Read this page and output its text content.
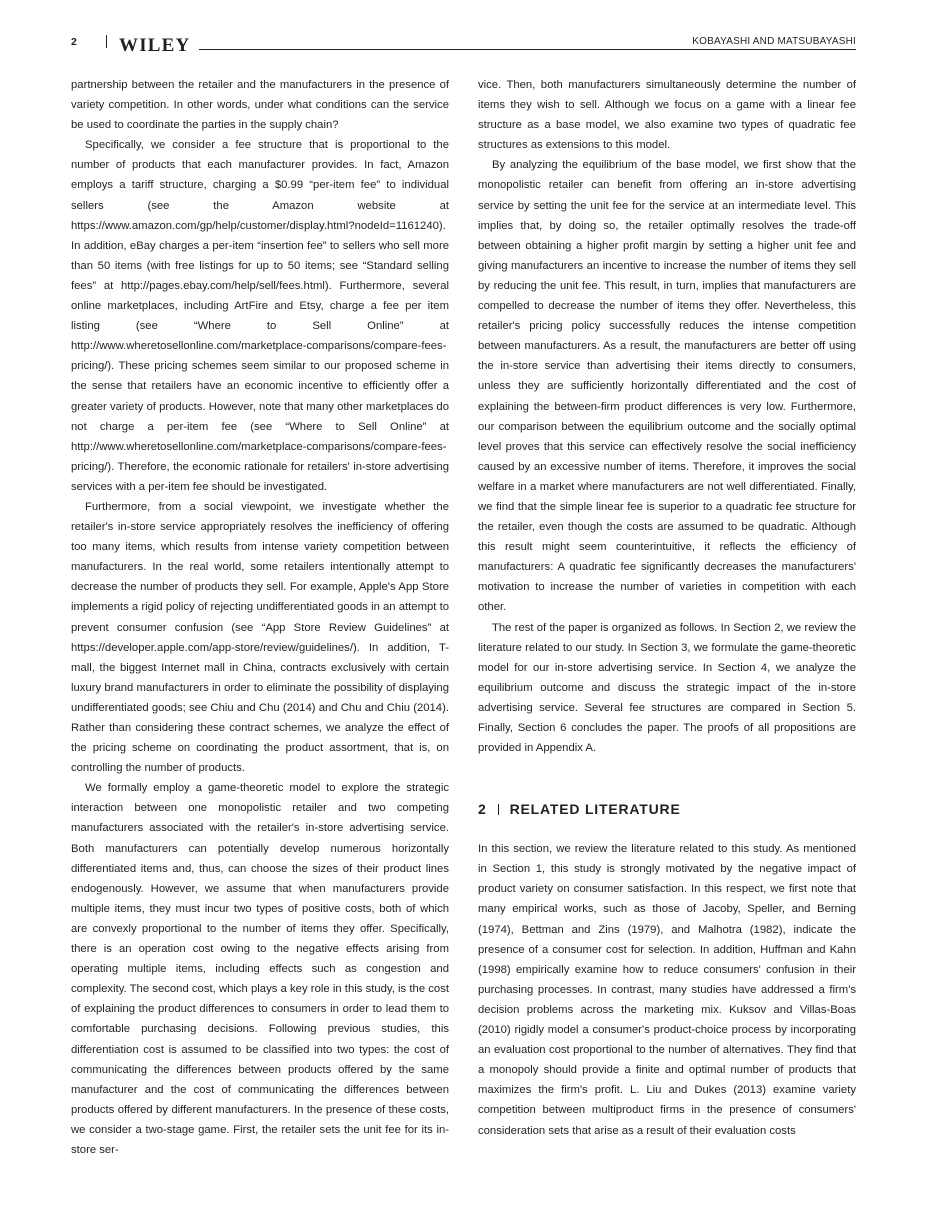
2 WILEY	KOBAYASHI AND MATSUBAYASHI

partnership between the retailer and the manufacturers in the presence of variety competition. In other words, under what conditions can the service be used to coordinate the parties in the supply chain?

Specifically, we consider a fee structure that is proportional to the number of products that each manufacturer provides. In fact, Amazon employs a tariff structure, charging a $0.99 “per-item fee” to individual sellers (see the Amazon website at https://www.amazon.com/gp/help/customer/display.html?nodeId=1161240). In addition, eBay charges a per-item “insertion fee” to sellers who sell more than 50 items (with free listings for up to 50 items; see “Standard selling fees” at http://pages.ebay.com/help/sell/fees.html). Furthermore, several online marketplaces, including ArtFire and Etsy, charge a fee per item listing (see “Where to Sell Online” at http://www.wheretosellonline.com/marketplace-comparisons/compare-fees-pricing/). These pricing schemes seem similar to our proposed scheme in the sense that retailers have an economic incentive to efficiently offer a greater variety of products. However, note that many other marketplaces do not charge a per-item fee (see “Where to Sell Online” at http://www.wheretosellonline.com/marketplace-comparisons/compare-fees-pricing/). Therefore, the economic rationale for retailers' in-store advertising services with a per-item fee should be investigated.

Furthermore, from a social viewpoint, we investigate whether the retailer's in-store service appropriately resolves the inefficiency of offering too many items, which results from intense variety competition between manufacturers. In the real world, some retailers intentionally attempt to decrease the number of products they sell. For example, Apple's App Store implements a rigid policy of rejecting undifferentiated goods in an attempt to prevent consumer confusion (see “App Store Review Guidelines” at https://developer.apple.com/app-store/review/guidelines/). In addition, T-mall, the biggest Internet mall in China, contracts exclusively with certain luxury brand manufacturers in order to eliminate the possibility of displaying undifferentiated goods; see Chiu and Chu (2014) and Chu and Chiu (2014). Rather than considering these contract schemes, we analyze the effect of the pricing scheme on coordinating the product assortment, that is, on controlling the number of products.

We formally employ a game-theoretic model to explore the strategic interaction between one monopolistic retailer and two competing manufacturers associated with the retailer's in-store advertising service. Both manufacturers can potentially develop numerous horizontally differentiated items and, thus, can choose the sizes of their product lines endogenously. However, we assume that when manufacturers provide multiple items, they must incur two types of positive costs, both of which are convexly proportional to the number of items they offer. Specifically, there is an operation cost owing to the negative effects arising from operating multiple items, including effects such as congestion and complexity. The second cost, which plays a key role in this study, is the cost of explaining the product differences to consumers in order to lead them to comfortable purchasing decisions. Following previous studies, this differentiation cost is assumed to be classified into two types: the cost of communicating the differences between products offered by the same manufacturer and the cost of communicating the differences between products offered by different manufacturers. In the presence of these costs, we consider a two-stage game. First, the retailer sets the unit fee for its in-store ser-

vice. Then, both manufacturers simultaneously determine the number of items they wish to sell. Although we focus on a game with a linear fee structure as a base model, we also examine two types of quadratic fee structures as extensions to this model.

By analyzing the equilibrium of the base model, we first show that the monopolistic retailer can benefit from offering an in-store advertising service by setting the unit fee for the service at an intermediate level. This implies that, by doing so, the retailer optimally resolves the trade-off between obtaining a higher profit margin by setting a higher unit fee and giving manufacturers an incentive to increase the number of items they sell by reducing the unit fee. This result, in turn, implies that manufacturers are compelled to decrease the number of items they offer. Nevertheless, this retailer's pricing policy successfully reduces the intense competition between manufacturers. As a result, the manufacturers are better off using the in-store service than advertising their items directly to consumers, unless they are sufficiently horizontally differentiated and the cost of explaining the between-firm product differences is very low. Furthermore, our comparison between the equilibrium outcome and the socially optimal level proves that this service can effectively resolve the social inefficiency caused by an excessive number of items. Therefore, it improves the social welfare in a market where manufacturers are not well differentiated. Finally, we find that the simple linear fee is superior to a quadratic fee structure for the retailer, even though the costs are assumed to be quadratic. Although this result might seem counterintuitive, it reflects the efficiency of manufacturers: A quadratic fee significantly decreases the manufacturers' motivation to increase the number of varieties in competition with each other.

The rest of the paper is organized as follows. In Section 2, we review the literature related to our study. In Section 3, we formulate the game-theoretic model for our in-store advertising service. In Section 4, we analyze the equilibrium outcome and discuss the strategic impact of the in-store advertising service. Several fee structures are compared in Section 5. Finally, Section 6 concludes the paper. The proofs of all propositions are provided in Appendix A.

2 RELATED LITERATURE

In this section, we review the literature related to this study. As mentioned in Section 1, this study is strongly motivated by the negative impact of product variety on consumer satisfaction. In this respect, we first note that many empirical works, such as those of Jacoby, Speller, and Berning (1974), Bettman and Zins (1979), and Malhotra (1982), indicate the presence of a consumer cost for selection. In addition, Huffman and Kahn (1998) empirically examine how to reduce consumers' confusion in their purchasing processes. In contrast, many studies have addressed a firm's decision problems across the marketing mix. Kuksov and Villas-Boas (2010) rigidly model a consumer's product-choice process by incorporating an evaluation cost proportional to the number of alternatives. They find that a monopoly should provide a finite and optimal number of products that maximizes the firm's profit. L. Liu and Dukes (2013) examine variety competition between multiproduct firms in the presence of consumers' consideration sets that arise as a result of their evaluation costs
